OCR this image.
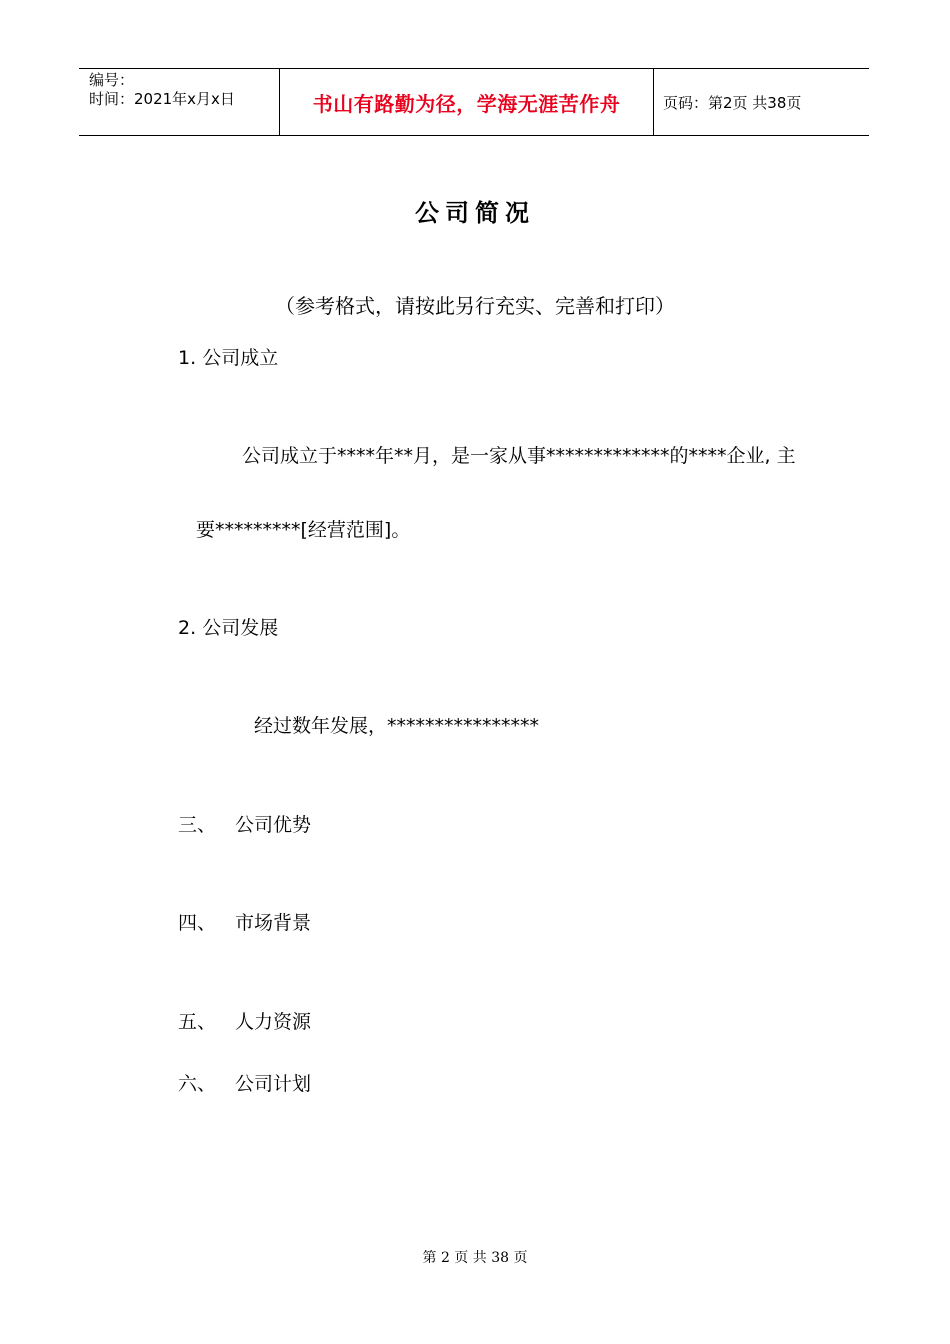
编号：
时间：2021年x月x日	书山有路勤为径，学海无涯苦作舟	页码：第2页 共38页
公司简况
（参考格式，请按此另行充实、完善和打印）
1. 公司成立
公司成立于****年**月，是一家从事*************的****企业, 主
要*********[经营范围]。
2. 公司发展
经过数年发展，****************
三、 公司优势
四、 市场背景
五、 人力资源
六、 公司计划
第 2 页 共 38 页
